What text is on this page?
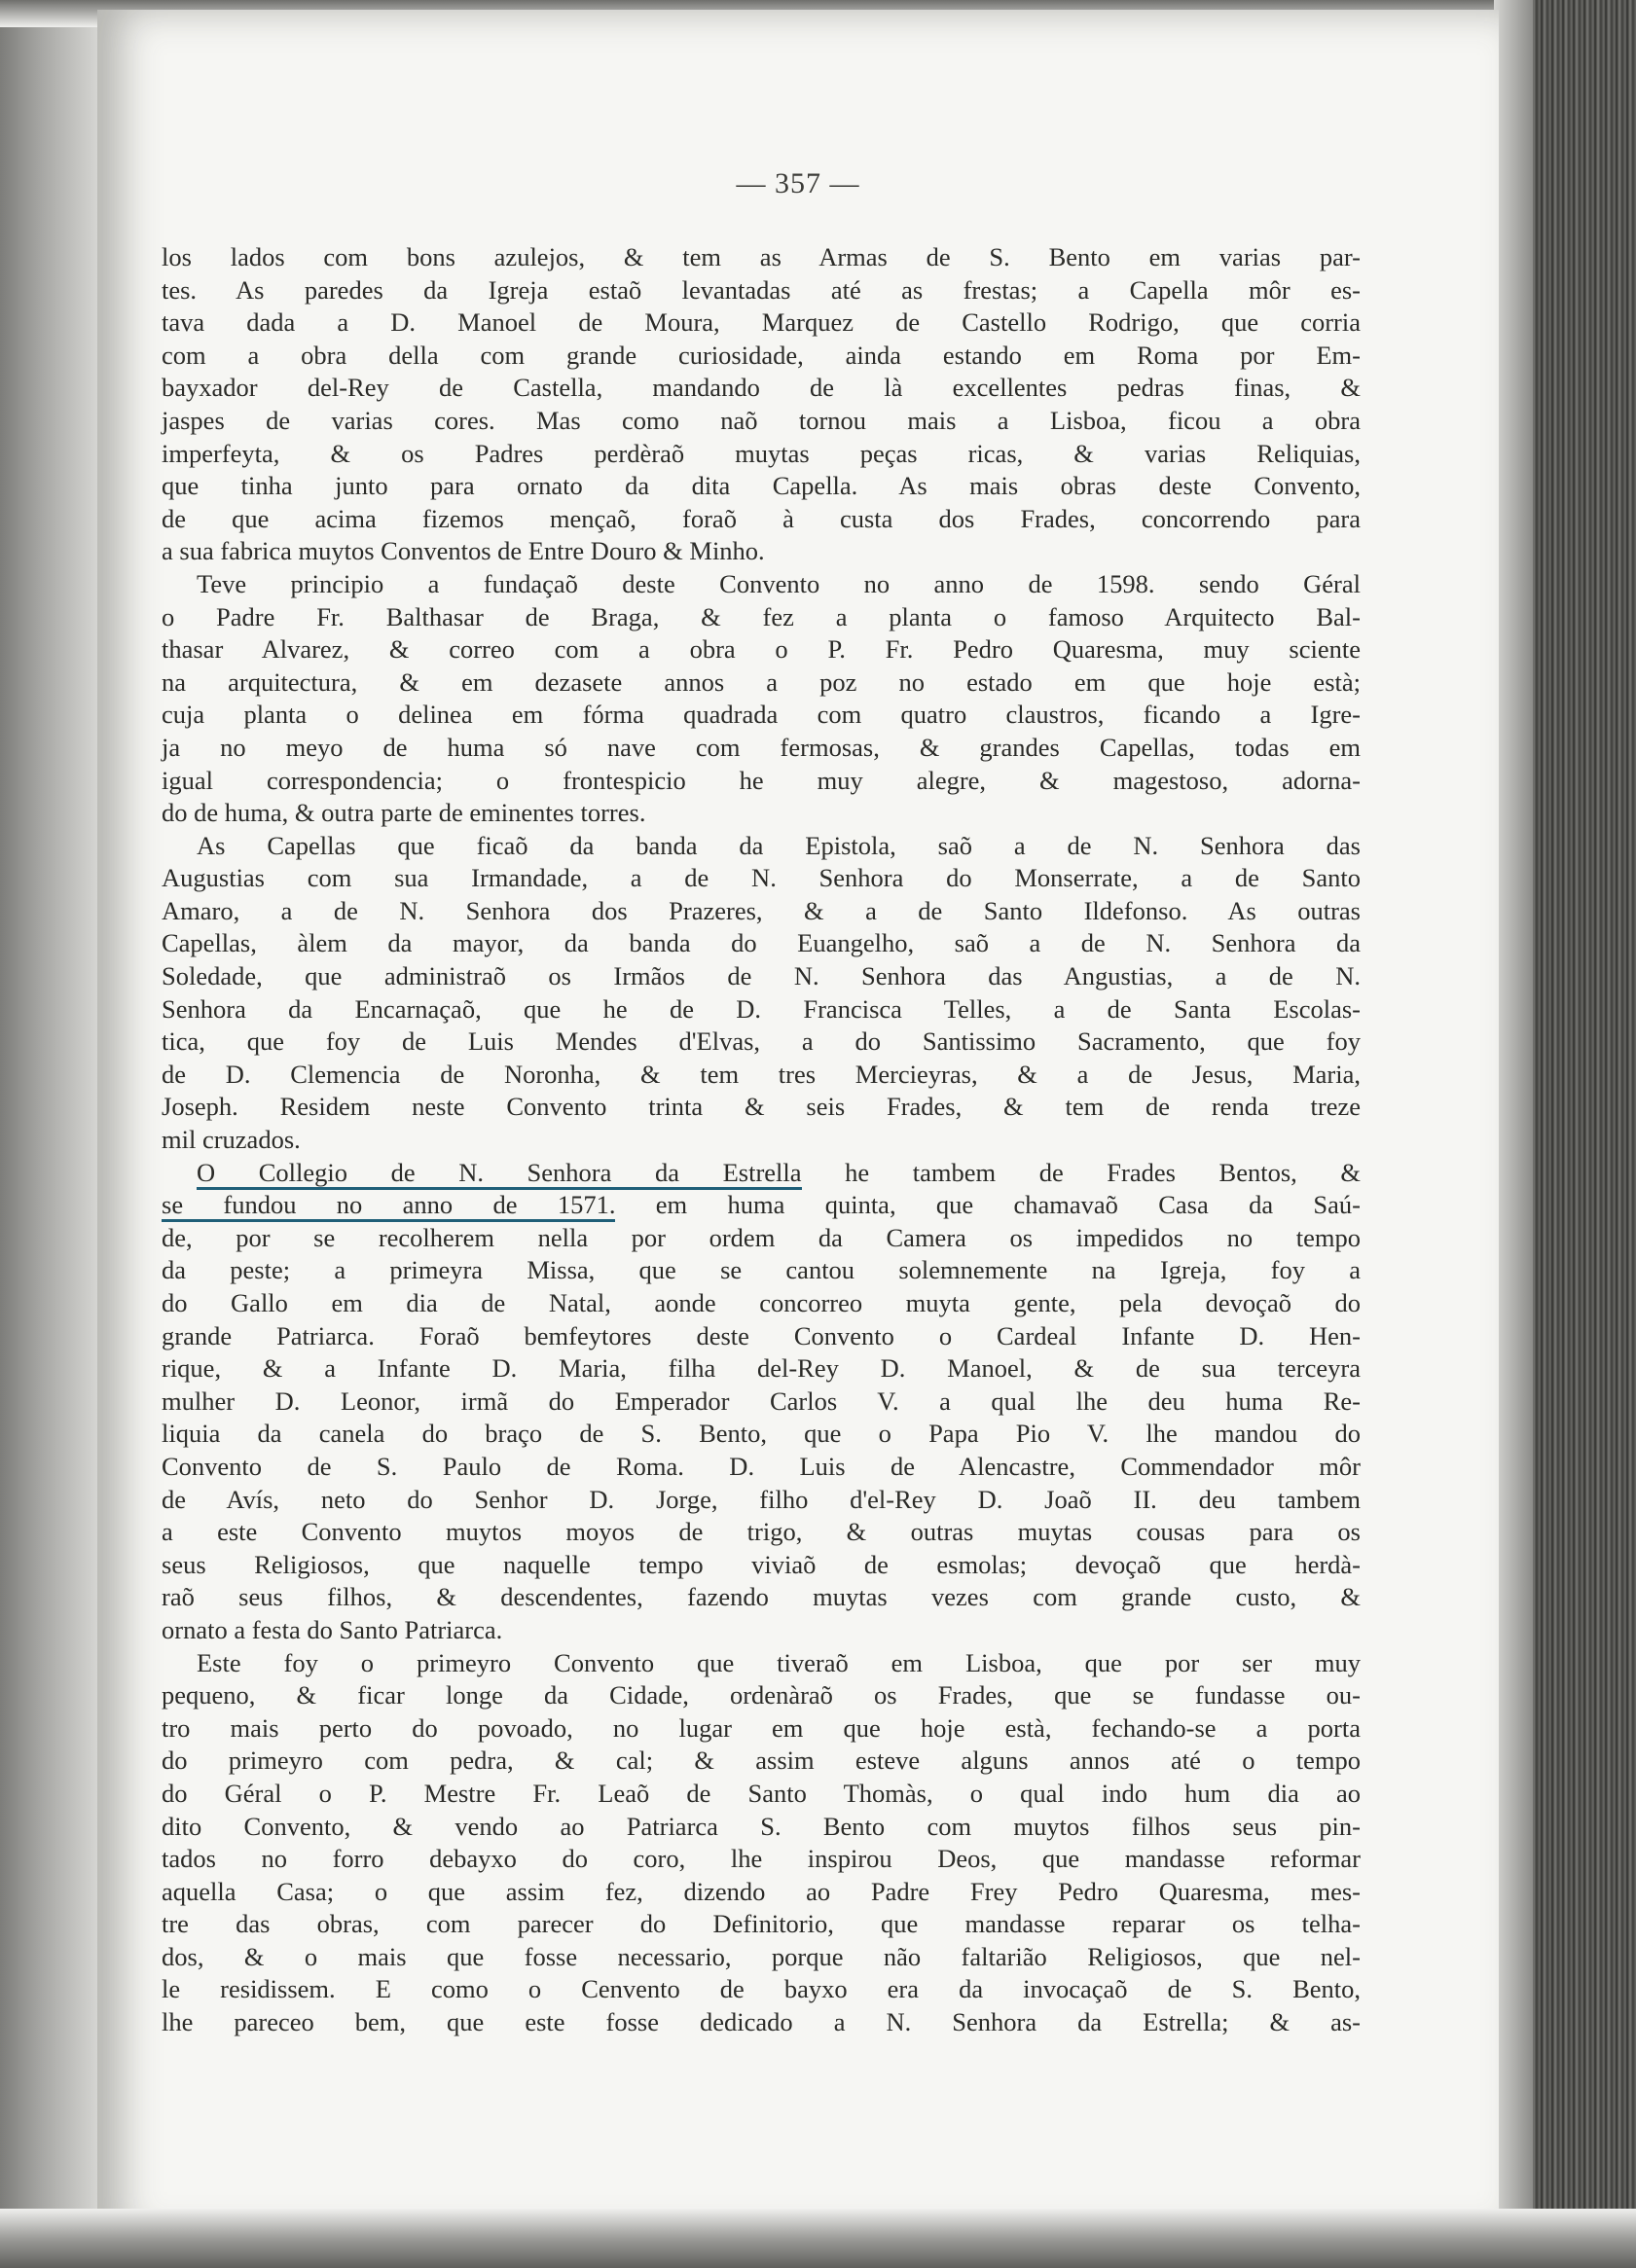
— 357 —
los lados com bons azulejos, & tem as Armas de S. Bento em varias par-
tes. As paredes da Igreja estaõ levantadas até as frestas; a Capella môr es-
tava dada a D. Manoel de Moura, Marquez de Castello Rodrigo, que corria
com a obra della com grande curiosidade, ainda estando em Roma por Em-
bayxador del-Rey de Castella, mandando de là excellentes pedras finas, &
jaspes de varias cores. Mas como naõ tornou mais a Lisboa, ficou a obra
imperfeyta, & os Padres perdèraõ muytas peças ricas, & varias Reliquias,
que tinha junto para ornato da dita Capella. As mais obras deste Convento,
de que acima fizemos mençaõ, foraõ à custa dos Frades, concorrendo para
a sua fabrica muytos Conventos de Entre Douro & Minho.
Teve principio a fundaçaõ deste Convento no anno de 1598. sendo Géral
o Padre Fr. Balthasar de Braga, & fez a planta o famoso Arquitecto Bal-
thasar Alvarez, & correo com a obra o P. Fr. Pedro Quaresma, muy sciente
na arquitectura, & em dezasete annos a poz no estado em que hoje està;
cuja planta o delinea em fórma quadrada com quatro claustros, ficando a Igre-
ja no meyo de huma só nave com fermosas, & grandes Capellas, todas em
igual correspondencia; o frontespicio he muy alegre, & magestoso, adorna-
do de huma, & outra parte de eminentes torres.
As Capellas que ficaõ da banda da Epistola, saõ a de N. Senhora das
Augustias com sua Irmandade, a de N. Senhora do Monserrate, a de Santo
Amaro, a de N. Senhora dos Prazeres, & a de Santo Ildefonso. As outras
Capellas, àlem da mayor, da banda do Euangelho, saõ a de N. Senhora da
Soledade, que administraõ os Irmãos de N. Senhora das Angustias, a de N.
Senhora da Encarnaçaõ, que he de D. Francisca Telles, a de Santa Escolas-
tica, que foy de Luis Mendes d'Elvas, a do Santissimo Sacramento, que foy
de D. Clemencia de Noronha, & tem tres Mercieyras, & a de Jesus, Maria,
Joseph. Residem neste Convento trinta & seis Frades, & tem de renda treze
mil cruzados.
O Collegio de N. Senhora da Estrella he tambem de Frades Bentos, &
se fundou no anno de 1571. em huma quinta, que chamavaõ Casa da Saú-
de, por se recolherem nella por ordem da Camera os impedidos no tempo
da peste; a primeyra Missa, que se cantou solemnemente na Igreja, foy a
do Gallo em dia de Natal, aonde concorreo muyta gente, pela devoçaõ do
grande Patriarca. Foraõ bemfeytores deste Convento o Cardeal Infante D. Hen-
rique, & a Infante D. Maria, filha del-Rey D. Manoel, & de sua terceyra
mulher D. Leonor, irmã do Emperador Carlos V. a qual lhe deu huma Re-
liquia da canela do braço de S. Bento, que o Papa Pio V. lhe mandou do
Convento de S. Paulo de Roma. D. Luis de Alencastre, Commendador môr
de Avís, neto do Senhor D. Jorge, filho d'el-Rey D. Joaõ II. deu tambem
a este Convento muytos moyos de trigo, & outras muytas cousas para os
seus Religiosos, que naquelle tempo viviaõ de esmolas; devoçaõ que herdà-
raõ seus filhos, & descendentes, fazendo muytas vezes com grande custo, &
ornato a festa do Santo Patriarca.
Este foy o primeyro Convento que tiveraõ em Lisboa, que por ser muy
pequeno, & ficar longe da Cidade, ordenàraõ os Frades, que se fundasse ou-
tro mais perto do povoado, no lugar em que hoje està, fechando-se a porta
do primeyro com pedra, & cal; & assim esteve alguns annos até o tempo
do Géral o P. Mestre Fr. Leaõ de Santo Thomàs, o qual indo hum dia ao
dito Convento, & vendo ao Patriarca S. Bento com muytos filhos seus pin-
tados no forro debayxo do coro, lhe inspirou Deos, que mandasse reformar
aquella Casa; o que assim fez, dizendo ao Padre Frey Pedro Quaresma, mes-
tre das obras, com parecer do Definitorio, que mandasse reparar os telha-
dos, & o mais que fosse necessario, porque não faltarião Religiosos, que nel-
le residissem. E como o Cenvento de bayxo era da invocaçaõ de S. Bento,
lhe pareceo bem, que este fosse dedicado a N. Senhora da Estrella; & as-
